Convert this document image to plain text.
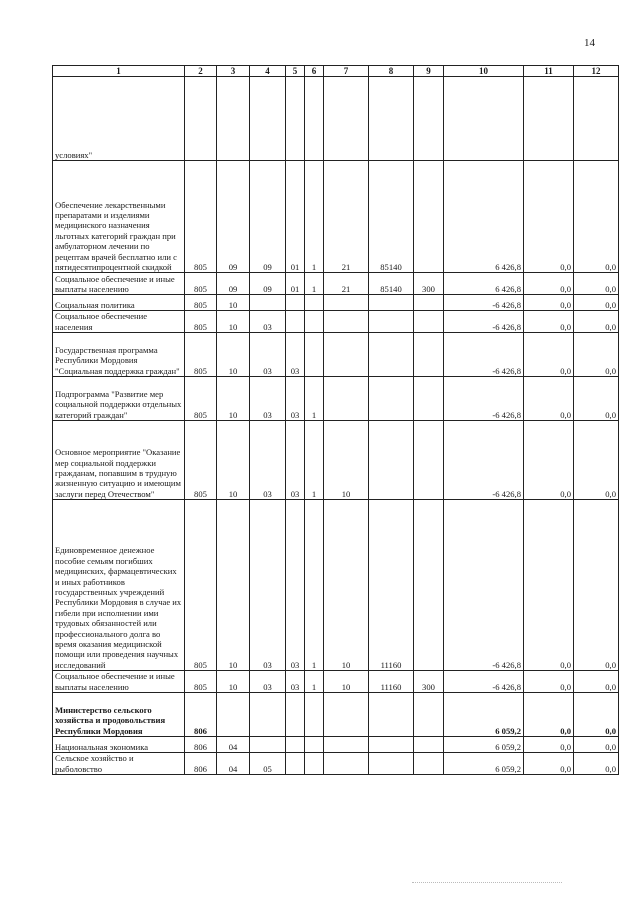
14
1	2	3	4	5	6	7	8	9	10	11	12
условиях"											
Обеспечение лекарственными препаратами и изделиями медицинского назначения льготных категорий граждан при амбулаторном лечении по рецептам врачей бесплатно или с пятидесятипроцентной скидкой	805	09	09	01	1	21	85140		6 426,8	0,0	0,0
Социальное обеспечение и иные выплаты населению	805	09	09	01	1	21	85140	300	6 426,8	0,0	0,0
Социальная политика	805	10							-6 426,8	0,0	0,0
Социальное обеспечение населения	805	10	03						-6 426,8	0,0	0,0
Государственная программа Республики Мордовия "Социальная поддержка граждан"	805	10	03	03					-6 426,8	0,0	0,0
Подпрограмма "Развитие мер социальной поддержки отдельных категорий граждан"	805	10	03	03	1				-6 426,8	0,0	0,0
Основное мероприятие "Оказание мер социальной поддержки гражданам, попавшим в трудную жизненную ситуацию и имеющим заслуги перед Отечеством"	805	10	03	03	1	10			-6 426,8	0,0	0,0
Единовременное денежное пособие семьям погибших медицинских, фармацевтических и иных работников государственных учреждений Республики Мордовия в случае их гибели при исполнении ими трудовых обязанностей или профессионального долга во время оказания медицинской помощи или проведения научных исследований	805	10	03	03	1	10	11160		-6 426,8	0,0	0,0
Социальное обеспечение и иные выплаты населению	805	10	03	03	1	10	11160	300	-6 426,8	0,0	0,0
Министерство сельского хозяйства и продовольствия Республики Мордовия	806								6 059,2	0,0	0,0
Национальная экономика	806	04							6 059,2	0,0	0,0
Сельское хозяйство и рыболовство	806	04	05						6 059,2	0,0	0,0
